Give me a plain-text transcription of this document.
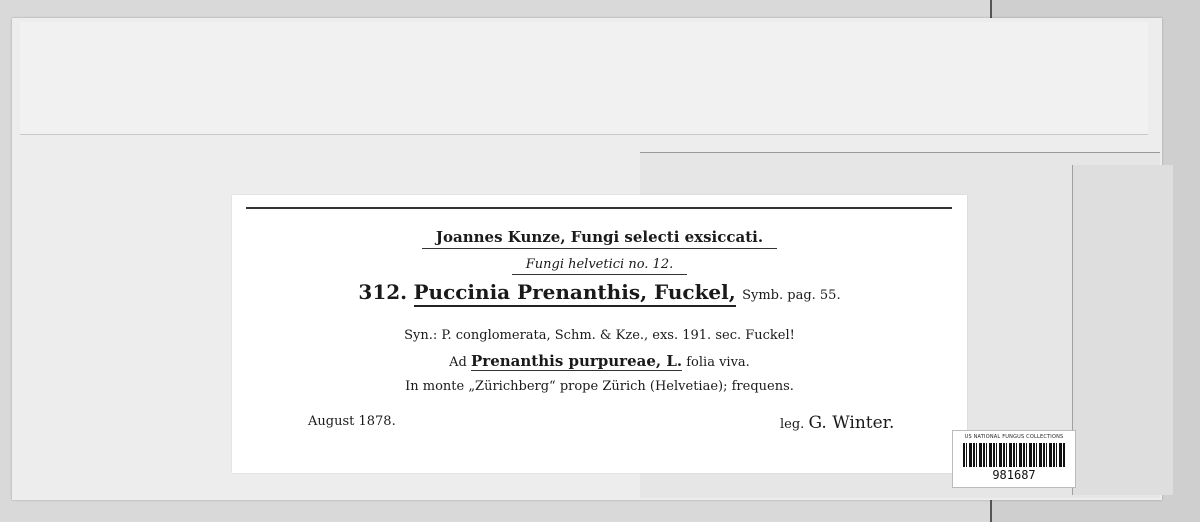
Joannes Kunze, Fungi selecti exsiccati.
Fungi helvetici no. 12.
312. Puccinia Prenanthis, Fuckel, Symb. pag. 55.
Syn.: P. conglomerata, Schm. & Kze., exs. 191. sec. Fuckel!
Ad Prenanthis purpureae, L. folia viva.
In monte „Zürichberg“ prope Zürich (Helvetiae); frequens.
August 1878.	leg. G. Winter.
US NATIONAL FUNGUS COLLECTIONS
981687
